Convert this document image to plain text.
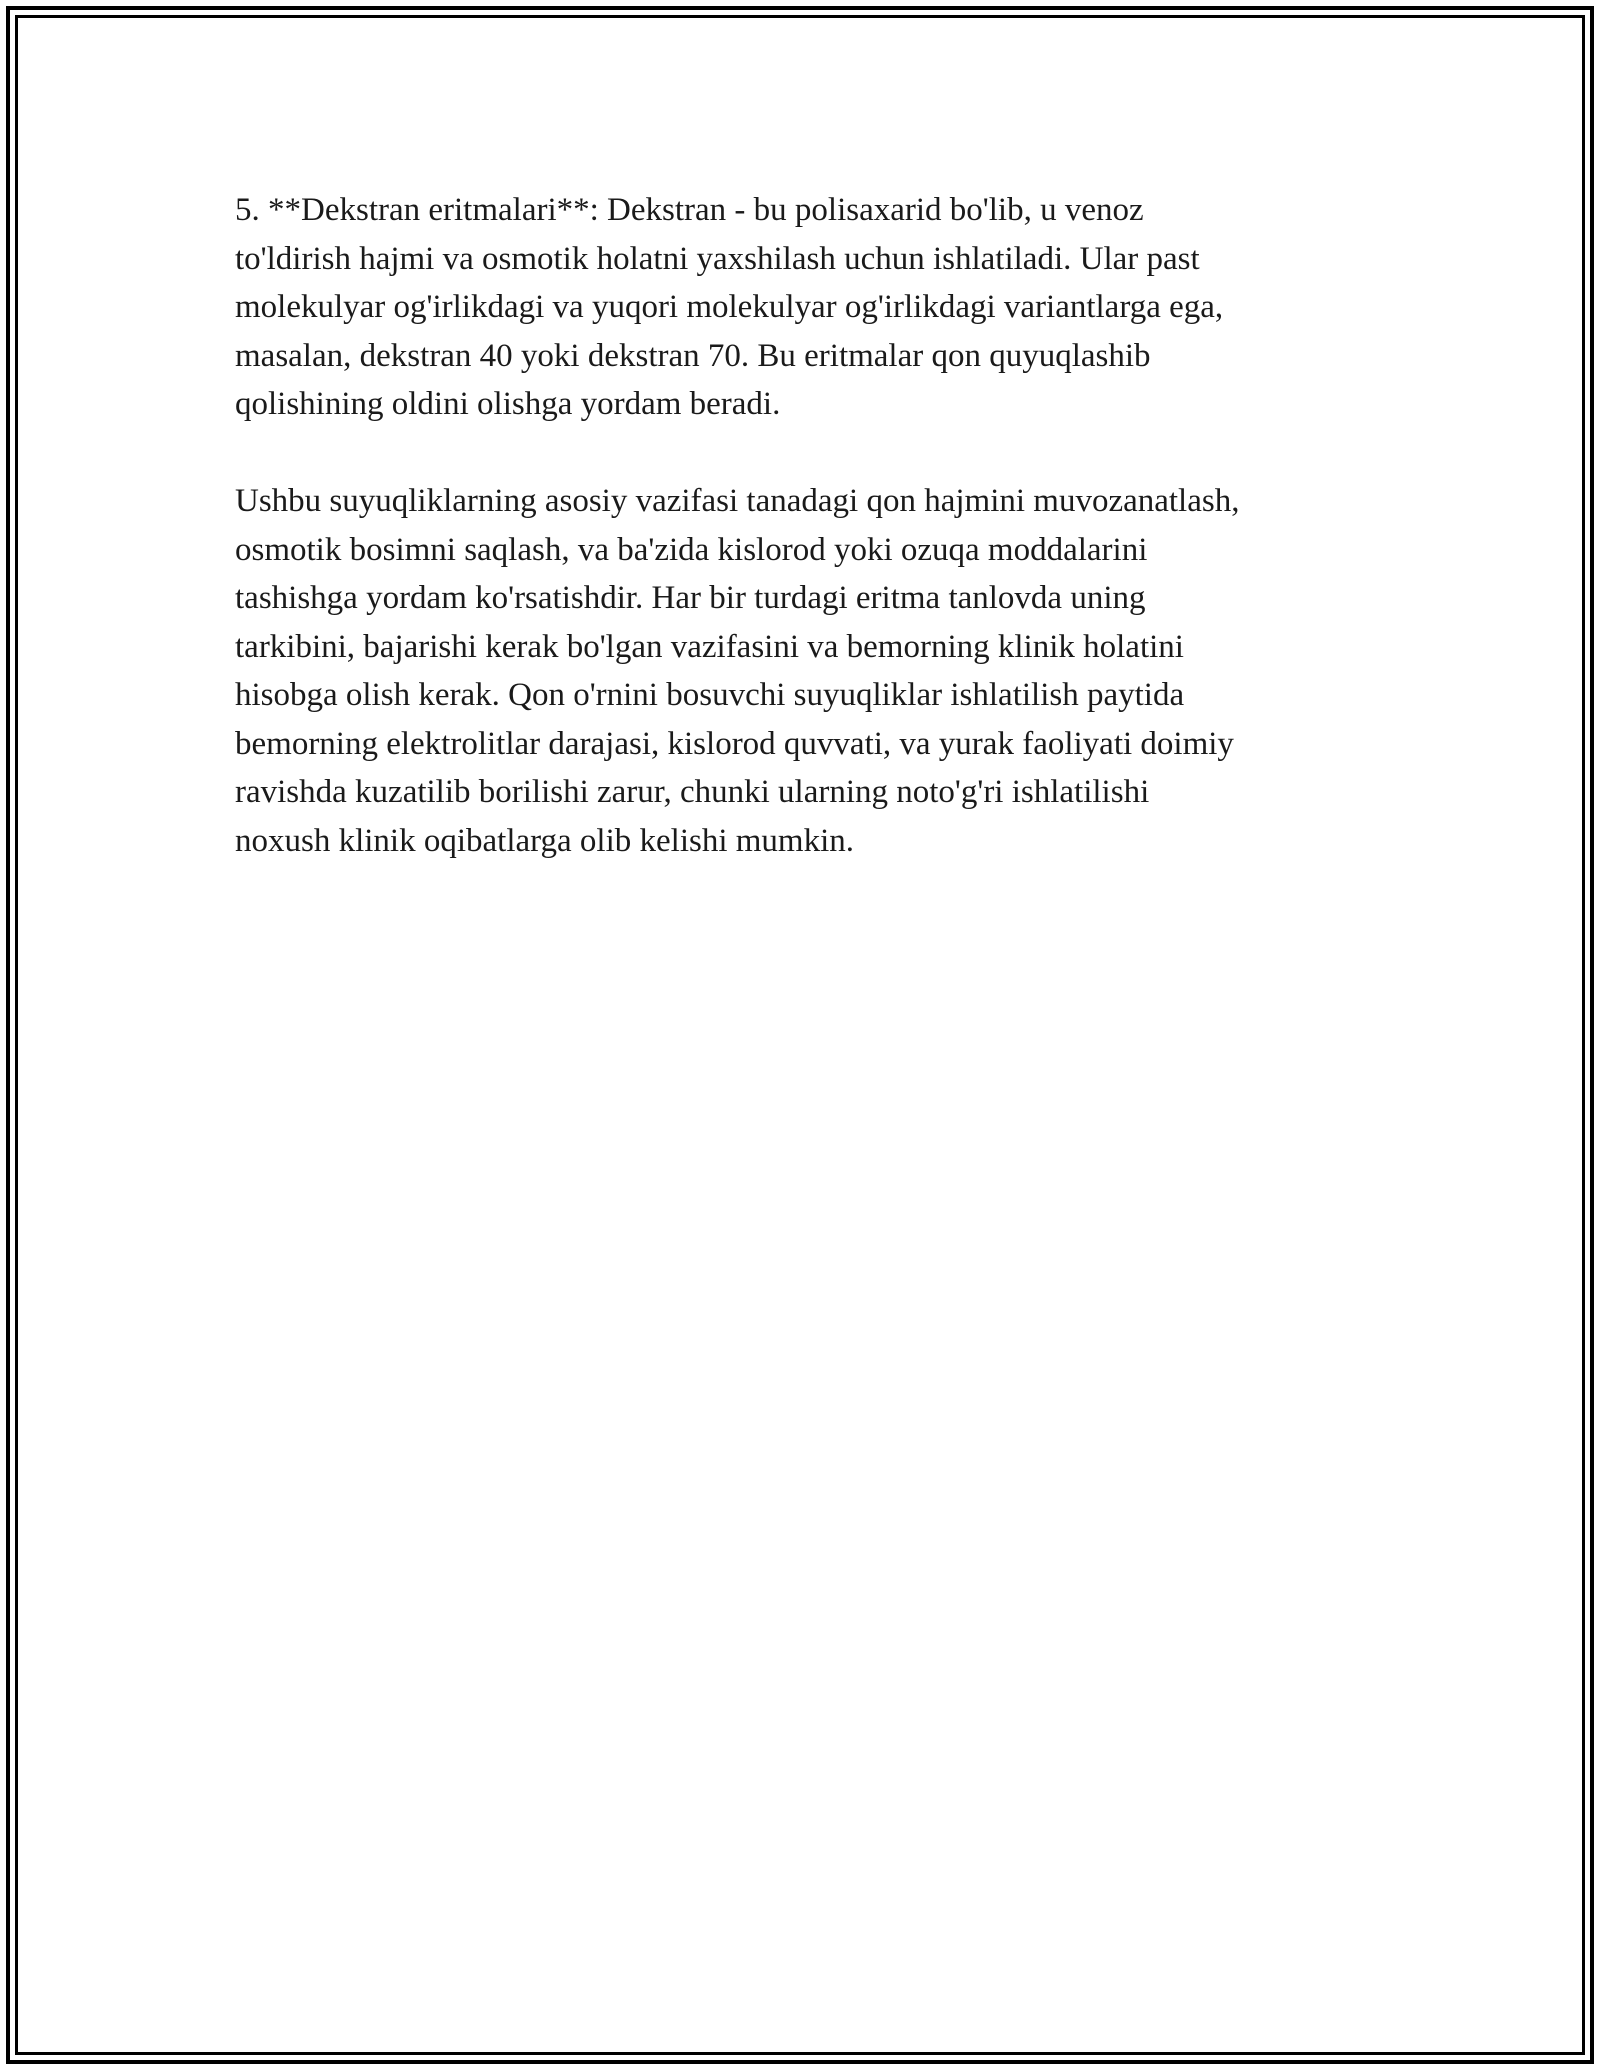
5. **Dekstran eritmalari**: Dekstran - bu polisaxarid bo'lib, u venoz
to'ldirish hajmi va osmotik holatni yaxshilash uchun ishlatiladi. Ular past
molekulyar og'irlikdagi va yuqori molekulyar og'irlikdagi variantlarga ega,
masalan, dekstran 40 yoki dekstran 70. Bu eritmalar qon quyuqlashib
qolishining oldini olishga yordam beradi.

Ushbu suyuqliklarning asosiy vazifasi tanadagi qon hajmini muvozanatlash,
osmotik bosimni saqlash, va ba'zida kislorod yoki ozuqa moddalarini
tashishga yordam ko'rsatishdir. Har bir turdagi eritma tanlovda uning
tarkibini, bajarishi kerak bo'lgan vazifasini va bemorning klinik holatini
hisobga olish kerak. Qon o'rnini bosuvchi suyuqliklar ishlatilish paytida
bemorning elektrolitlar darajasi, kislorod quvvati, va yurak faoliyati doimiy
ravishda kuzatilib borilishi zarur, chunki ularning noto'g'ri ishlatilishi
noxush klinik oqibatlarga olib kelishi mumkin.
